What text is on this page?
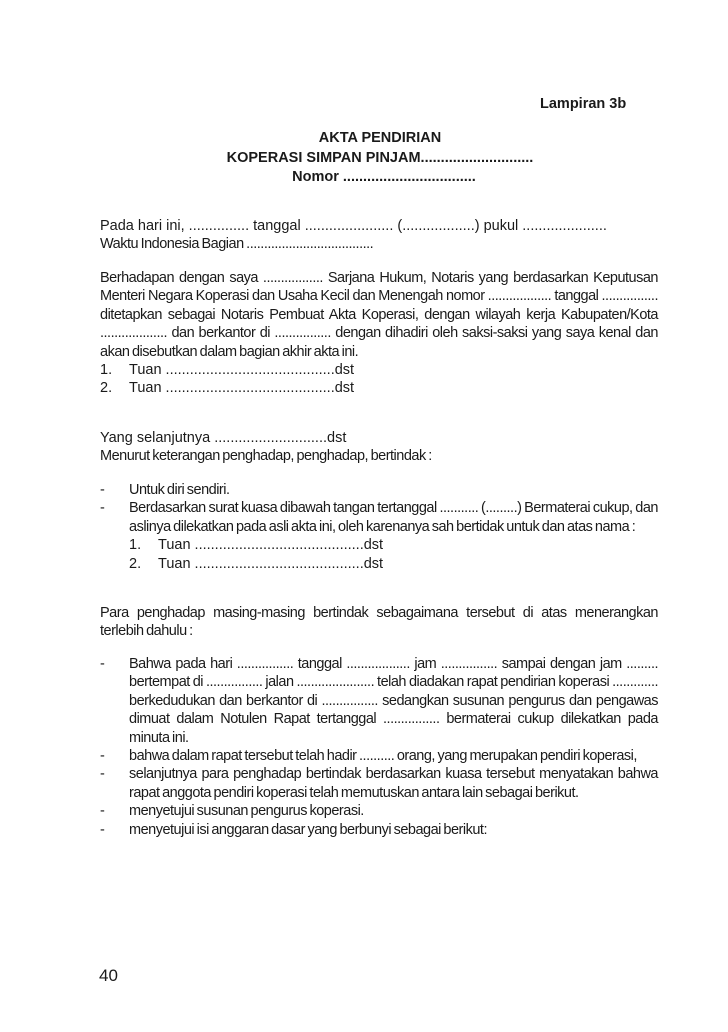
Lampiran 3b
AKTA PENDIRIAN
KOPERASI SIMPAN PINJAM............................
Nomor .................................
Pada hari ini, ............... tanggal ...................... (..................) pukul .....................
Waktu Indonesia Bagian ....................................
Berhadapan dengan saya ................. Sarjana Hukum, Notaris yang berdasarkan Keputusan Menteri Negara Koperasi dan Usaha Kecil dan Menengah nomor .................. tanggal ................ ditetapkan sebagai Notaris Pembuat Akta Koperasi, dengan wilayah kerja Kabupaten/Kota ................... dan berkantor di ................ dengan dihadiri oleh saksi-saksi yang saya kenal dan akan disebutkan dalam bagian akhir akta ini.
1. Tuan ..........................................dst
2. Tuan ..........................................dst
Yang selanjutnya ............................dst
Menurut keterangan penghadap, penghadap, bertindak :
- Untuk diri sendiri.
- Berdasarkan surat kuasa dibawah tangan tertanggal ........... (.........) Bermaterai cukup, dan aslinya dilekatkan pada asli akta ini, oleh karenanya sah bertidak untuk dan atas nama :
1. Tuan ..........................................dst
2. Tuan ..........................................dst
Para penghadap masing-masing bertindak sebagaimana tersebut di atas menerangkan terlebih dahulu :
- Bahwa pada hari ................ tanggal .................. jam ................ sampai dengan jam ......... bertempat di ................ jalan ...................... telah diadakan rapat pendirian koperasi ............. berkedudukan dan berkantor di ................ sedangkan susunan pengurus dan pengawas dimuat dalam Notulen Rapat tertanggal ................ bermaterai cukup dilekatkan pada minuta ini.
- bahwa dalam rapat tersebut telah hadir .......... orang, yang merupakan pendiri koperasi,
- selanjutnya para penghadap bertindak berdasarkan kuasa tersebut menyatakan bahwa rapat anggota pendiri koperasi telah memutuskan antara lain sebagai berikut.
- menyetujui susunan pengurus koperasi.
- menyetujui isi anggaran dasar yang berbunyi sebagai berikut:
40
